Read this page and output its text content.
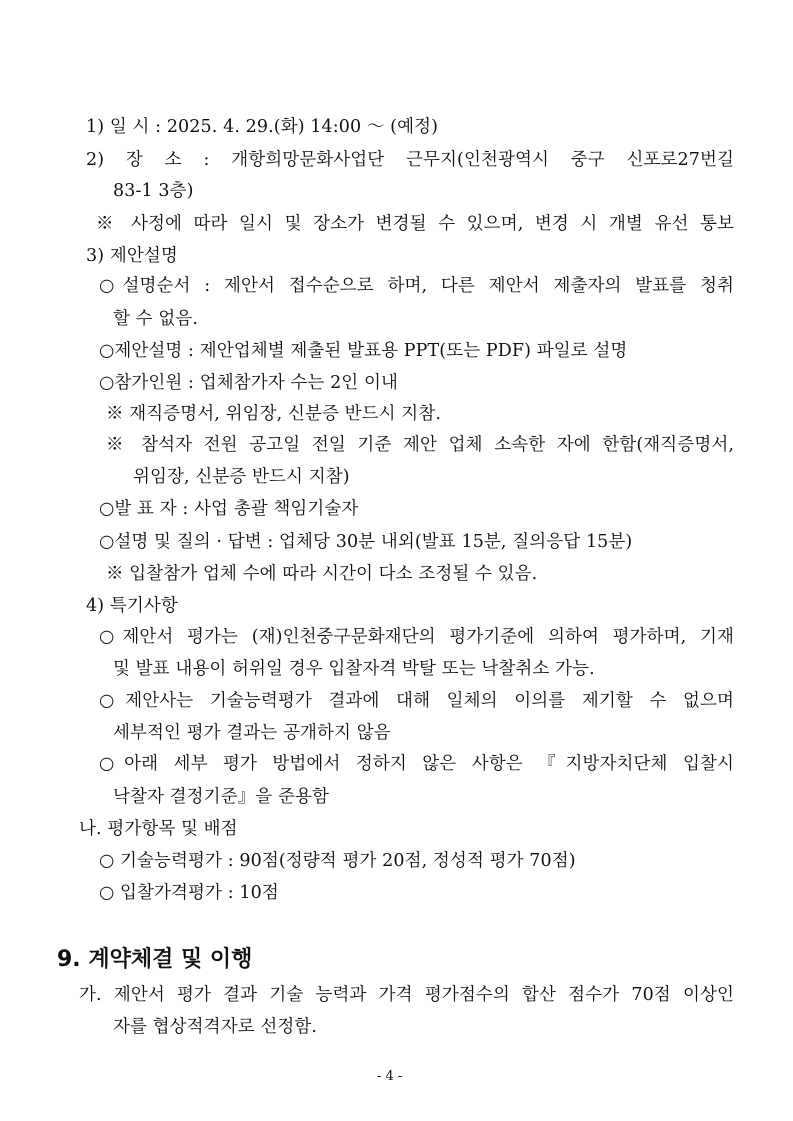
1) 일 시 : 2025. 4. 29.(화) 14:00 ～ (예정)
2) 장 소 : 개항희망문화사업단 근무지(인천광역시 중구 신포로27번길
83-1 3층)
※ 사정에 따라 일시 및 장소가 변경될 수 있으며, 변경 시 개별 유선 통보
3) 제안설명
○설명순서 : 제안서 접수순으로 하며, 다른 제안서 제출자의 발표를 청취
할 수 없음.
○제안설명 : 제안업체별 제출된 발표용 PPT(또는 PDF) 파일로 설명
○참가인원 : 업체참가자 수는 2인 이내
※ 재직증명서, 위임장, 신분증 반드시 지참.
※ 참석자 전원 공고일 전일 기준 제안 업체 소속한 자에 한함(재직증명서,
위임장, 신분증 반드시 지참)
○발 표 자 : 사업 총괄 책임기술자
○설명 및 질의 · 답변 : 업체당 30분 내외(발표 15분, 질의응답 15분)
※ 입찰참가 업체 수에 따라 시간이 다소 조정될 수 있음.
4) 특기사항
○제안서 평가는 (재)인천중구문화재단의 평가기준에 의하여 평가하며, 기재
및 발표 내용이 허위일 경우 입찰자격 박탈 또는 낙찰취소 가능.
○제안사는 기술능력평가 결과에 대해 일체의 이의를 제기할 수 없으며
세부적인 평가 결과는 공개하지 않음
○아래 세부 평가 방법에서 정하지 않은 사항은 『지방자치단체 입찰시
낙찰자 결정기준』을 준용함
나. 평가항목 및 배점
○ 기술능력평가 : 90점(정량적 평가 20점, 정성적 평가 70점)
○ 입찰가격평가 : 10점
9. 계약체결 및 이행
가. 제안서 평가 결과 기술 능력과 가격 평가점수의 합산 점수가 70점 이상인
자를 협상적격자로 선정함.
- 4 -
